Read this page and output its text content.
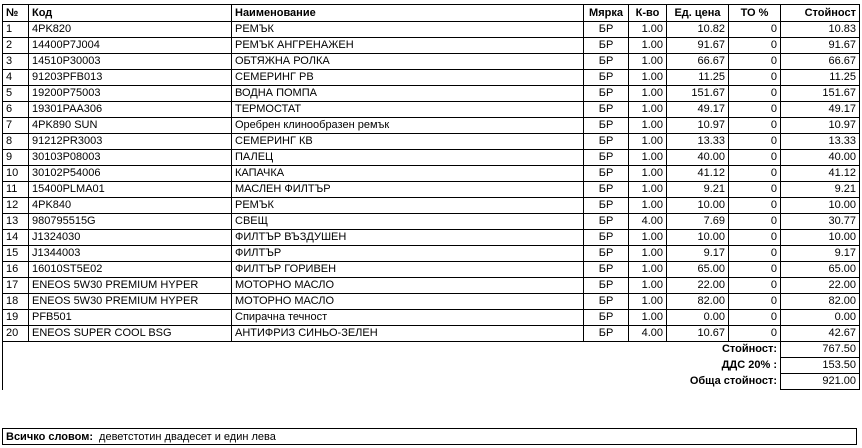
№	Код	Наименование	Мярка	К-во	Ед. цена	ТО %	Стойност
1	4PK820	РЕМЪК	БР	1.00	10.82	0	10.83
2	14400P7J004	РЕМЪК АНГРЕНАЖЕН	БР	1.00	91.67	0	91.67
3	14510P30003	ОБТЯЖНА РОЛКА	БР	1.00	66.67	0	66.67
4	91203PFB013	СЕМЕРИНГ РВ	БР	1.00	11.25	0	11.25
5	19200P75003	ВОДНА ПОМПА	БР	1.00	151.67	0	151.67
6	19301PAA306	ТЕРМОСТАТ	БР	1.00	49.17	0	49.17
7	4PK890 SUN	Оребрен клинообразен ремък	БР	1.00	10.97	0	10.97
8	91212PR3003	СЕМЕРИНГ КВ	БР	1.00	13.33	0	13.33
9	30103P08003	ПАЛЕЦ	БР	1.00	40.00	0	40.00
10	30102P54006	КАПАЧКА	БР	1.00	41.12	0	41.12
11	15400PLMA01	МАСЛЕН ФИЛТЪР	БР	1.00	9.21	0	9.21
12	4PK840	РЕМЪК	БР	1.00	10.00	0	10.00
13	980795515G	СВЕЩ	БР	4.00	7.69	0	30.77
14	J1324030	ФИЛТЪР ВЪЗДУШЕН	БР	1.00	10.00	0	10.00
15	J1344003	ФИЛТЪР	БР	1.00	9.17	0	9.17
16	16010ST5E02	ФИЛТЪР ГОРИВЕН	БР	1.00	65.00	0	65.00
17	ENEOS 5W30 PREMIUM HYPER	МОТОРНО МАСЛО	БР	1.00	22.00	0	22.00
18	ENEOS 5W30 PREMIUM HYPER	МОТОРНО МАСЛО	БР	1.00	82.00	0	82.00
19	PFB501	Спирачна течност	БР	1.00	0.00	0	0.00
20	ENEOS SUPER COOL BSG	АНТИФРИЗ СИНЬО-ЗЕЛЕН	БР	4.00	10.67	0	42.67
					Стойност:		767.50
					ДДС 20% :		153.50
					Обща стойност:		921.00
Всичко словом: деветстотин двадесет и един лева
